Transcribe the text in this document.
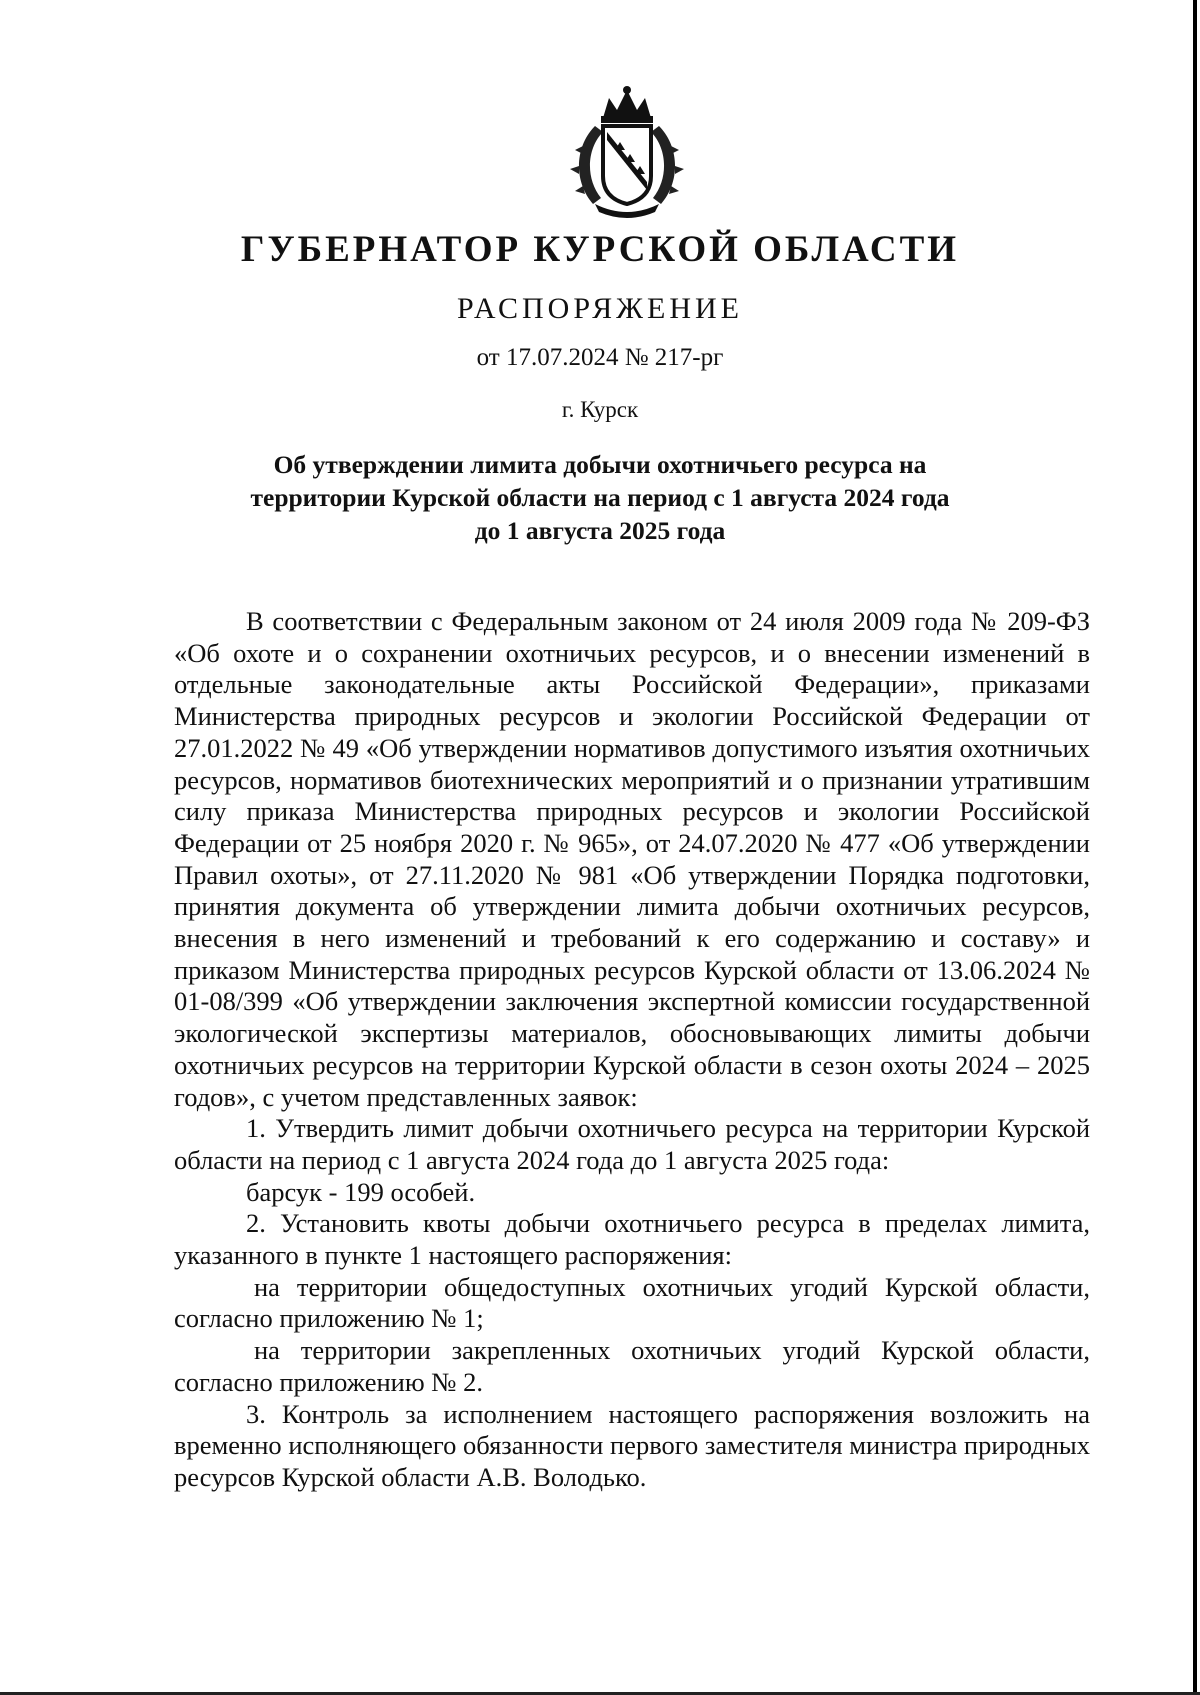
ГУБЕРНАТОР КУРСКОЙ ОБЛАСТИ
РАСПОРЯЖЕНИЕ
от 17.07.2024 № 217-рг
г. Курск
Об утверждении лимита добычи охотничьего ресурса на
территории Курской области на период с 1 августа 2024 года
до 1 августа 2025 года

В соответствии с Федеральным законом от 24 июля 2009 года № 209-ФЗ «Об охоте и о сохранении охотничьих ресурсов, и о внесении изменений в отдельные законодательные акты Российской Федерации», приказами Министерства природных ресурсов и экологии Российской Федерации от 27.01.2022 № 49 «Об утверждении нормативов допустимого изъятия охотничьих ресурсов, нормативов биотехнических мероприятий и о признании утратившим силу приказа Министерства природных ресурсов и экологии Российской Федерации от 25 ноября 2020 г. № 965», от 24.07.2020 № 477 «Об утверждении Правил охоты», от 27.11.2020 № 981 «Об утверждении Порядка подготовки, принятия документа об утверждении лимита добычи охотничьих ресурсов, внесения в него изменений и требований к его содержанию и составу» и приказом Министерства природных ресурсов Курской области от 13.06.2024 № 01-08/399 «Об утверждении заключения экспертной комиссии государственной экологической экспертизы материалов, обосновывающих лимиты добычи охотничьих ресурсов на территории Курской области в сезон охоты 2024 – 2025 годов», с учетом представленных заявок:

1. Утвердить лимит добычи охотничьего ресурса на территории Курской области на период с 1 августа 2024 года до 1 августа 2025 года:

барсук - 199 особей.

2. Установить квоты добычи охотничьего ресурса в пределах лимита, указанного в пункте 1 настоящего распоряжения:

на территории общедоступных охотничьих угодий Курской области, согласно приложению № 1;

на территории закрепленных охотничьих угодий Курской области, согласно приложению № 2.

3. Контроль за исполнением настоящего распоряжения возложить на временно исполняющего обязанности первого заместителя министра природных ресурсов Курской области А.В. Володько.
